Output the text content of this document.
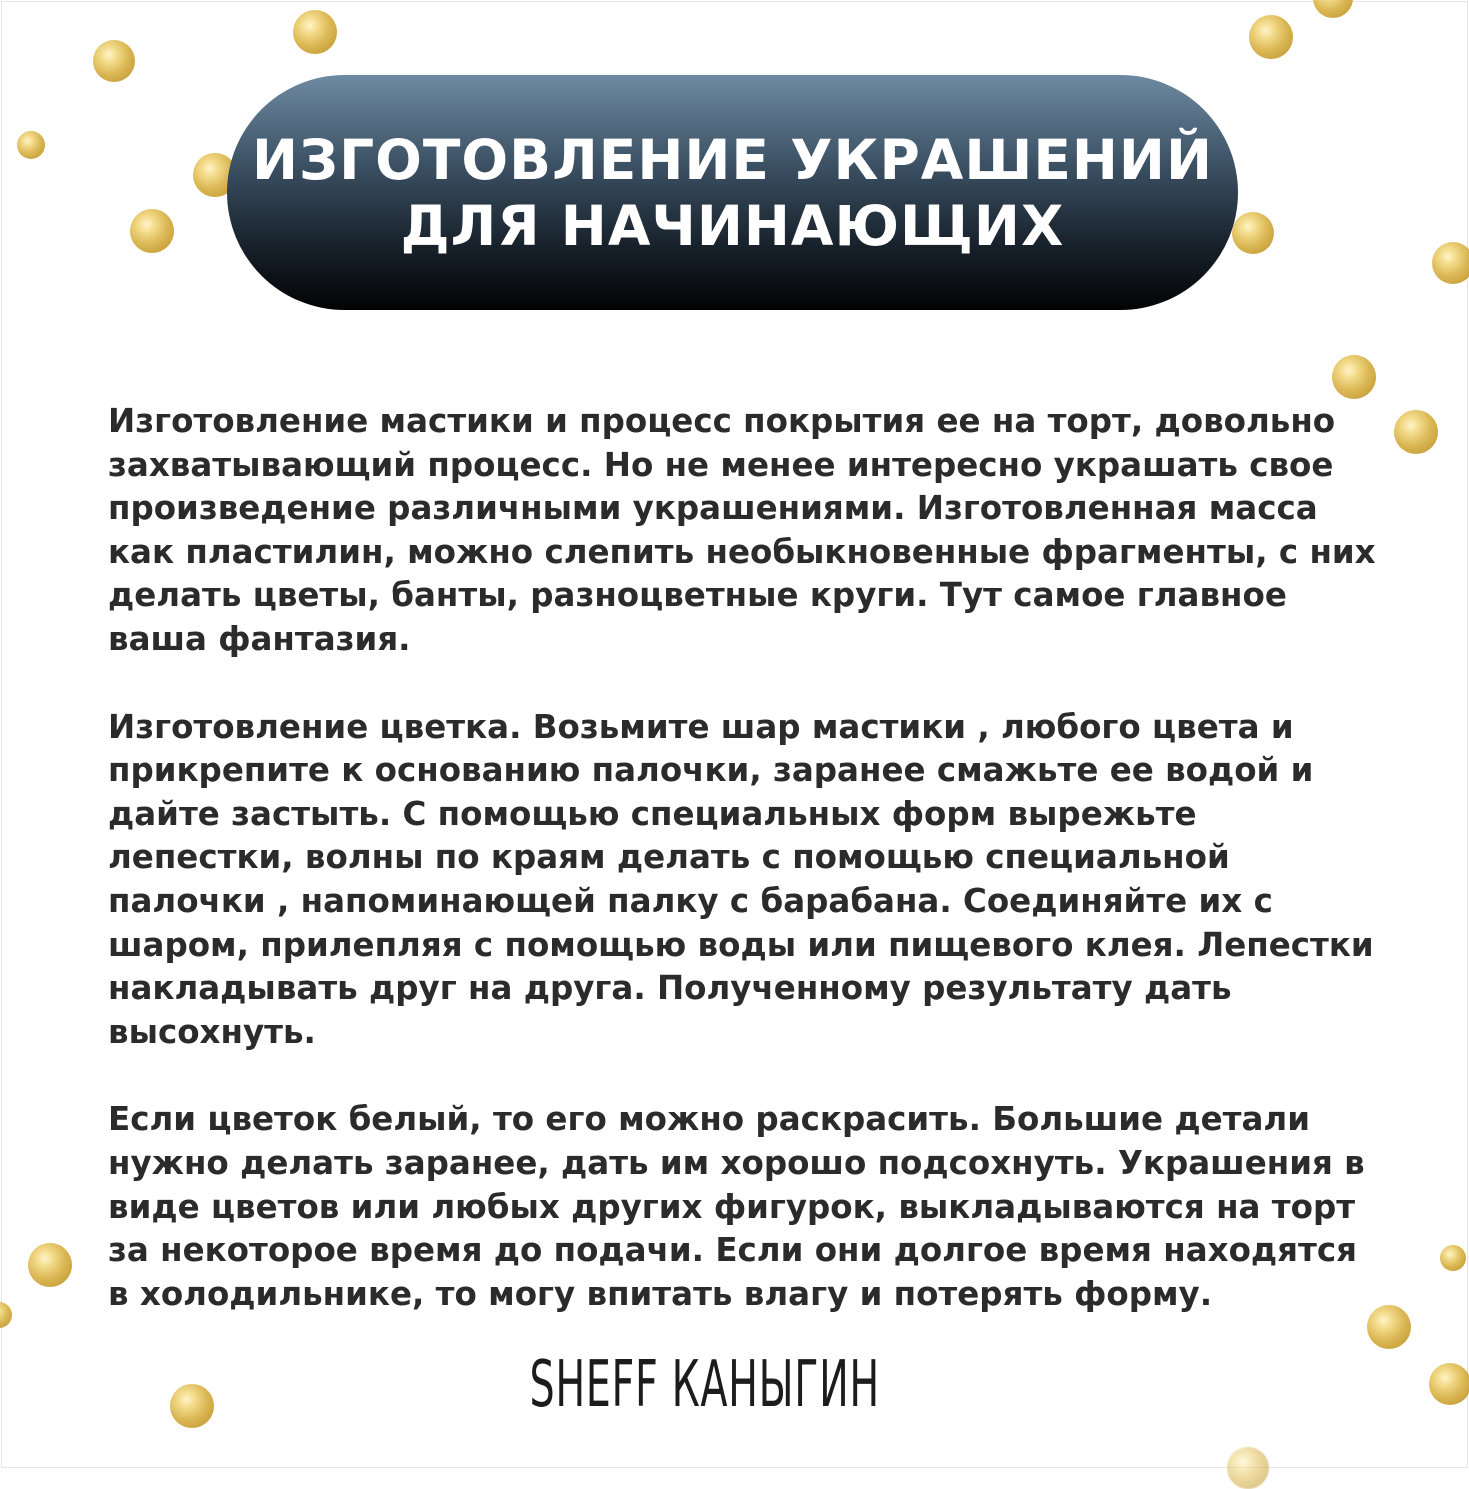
ИЗГОТОВЛЕНИЕ УКРАШЕНИЙ
ДЛЯ НАЧИНАЮЩИХ

Изготовление мастики и процесс покрытия ее на торт, довольно
захватывающий процесс. Но не менее интересно украшать свое
произведение различными украшениями. Изготовленная масса
как пластилин, можно слепить необыкновенные фрагменты, с них
делать цветы, банты, разноцветные круги. Тут самое главное
ваша фантазия.

Изготовление цветка. Возьмите шар мастики , любого цвета и
прикрепите к основанию палочки, заранее смажьте ее водой и
дайте застыть. С помощью специальных форм вырежьте
лепестки, волны по краям делать с помощью специальной
палочки , напоминающей палку с барабана. Соединяйте их с
шаром, прилепляя с помощью воды или пищевого клея. Лепестки
накладывать друг на друга. Полученному результату дать
высохнуть.

Если цветок белый, то его можно раскрасить. Большие детали
нужно делать заранее, дать им хорошо подсохнуть. Украшения в
виде цветов или любых других фигурок, выкладываются на торт
за некоторое время до подачи. Если они долгое время находятся
в холодильнике, то могу впитать влагу и потерять форму.

SHEFF КАНЫГИН
